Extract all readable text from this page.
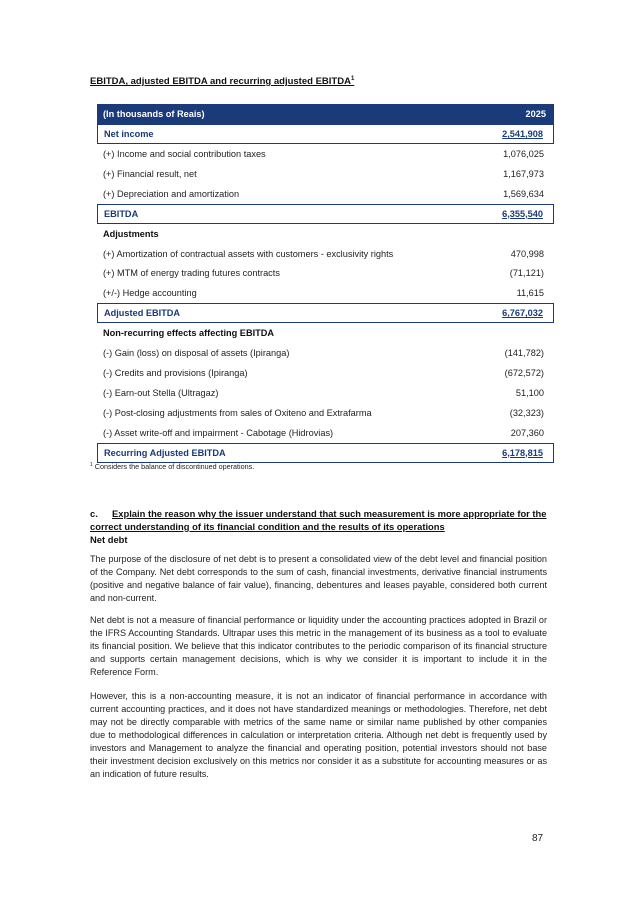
EBITDA, adjusted EBITDA and recurring adjusted EBITDA$^1$
(In thousands of Reais)	2025
Net income	2,541,908
(+) Income and social contribution taxes	1,076,025
(+) Financial result, net	1,167,973
(+) Depreciation and amortization	1,569,634
EBITDA	6,355,540
Adjustments
(+) Amortization of contractual assets with customers - exclusivity rights	470,998
(+) MTM of energy trading futures contracts	(71,121)
(+/-) Hedge accounting	11,615
Adjusted EBITDA	6,767,032
Non-recurring effects affecting EBITDA
(-) Gain (loss) on disposal of assets (Ipiranga)	(141,782)
(-) Credits and provisions (Ipiranga)	(672,572)
(-) Earn-out Stella (Ultragaz)	51,100
(-) Post-closing adjustments from sales of Oxiteno and Extrafarma	(32,323)
(-) Asset write-off and impairment - Cabotage (Hidrovias)	207,360
Recurring Adjusted EBITDA	6,178,815
$^1$ Considers the balance of discontinued operations.
c. Explain the reason why the issuer understand that such measurement is more appropriate for the correct understanding of its financial condition and the results of its operations
Net debt

The purpose of the disclosure of net debt is to present a consolidated view of the debt level and financial position of the Company. Net debt corresponds to the sum of cash, financial investments, derivative financial instruments (positive and negative balance of fair value), financing, debentures and leases payable, considered both current and non-current.

Net debt is not a measure of financial performance or liquidity under the accounting practices adopted in Brazil or the IFRS Accounting Standards. Ultrapar uses this metric in the management of its business as a tool to evaluate its financial position. We believe that this indicator contributes to the periodic comparison of its financial structure and supports certain management decisions, which is why we consider it is important to include it in the Reference Form.

However, this is a non-accounting measure, it is not an indicator of financial performance in accordance with current accounting practices, and it does not have standardized meanings or methodologies. Therefore, net debt may not be directly comparable with metrics of the same name or similar name published by other companies due to methodological differences in calculation or interpretation criteria. Although net debt is frequently used by investors and Management to analyze the financial and operating position, potential investors should not base their investment decision exclusively on this metrics nor consider it as a substitute for accounting measures or as an indication of future results.

87
